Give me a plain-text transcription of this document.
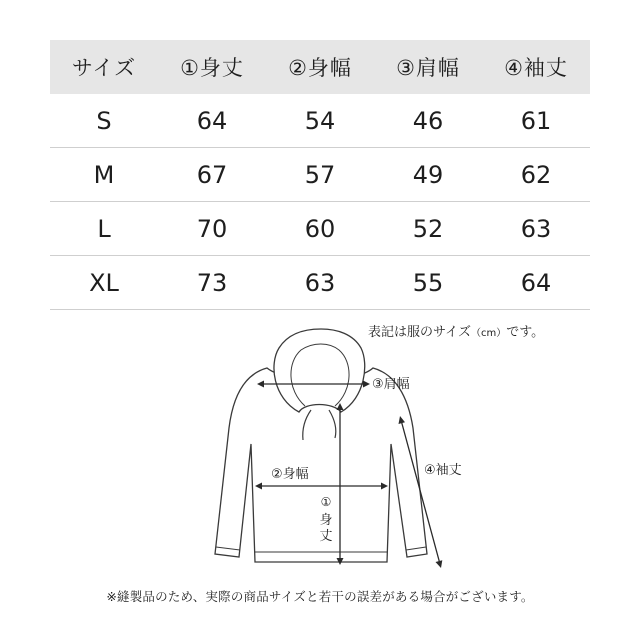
サイズ	①身丈	②身幅	③肩幅	④袖丈
S	64	54	46	61
M	67	57	49	62
L	70	60	52	63
XL	73	63	55	64
表記は服のサイズ（cm）です。
③肩幅
②身幅
①
身
丈
④袖丈
※縫製品のため、実際の商品サイズと若干の誤差がある場合がございます。
